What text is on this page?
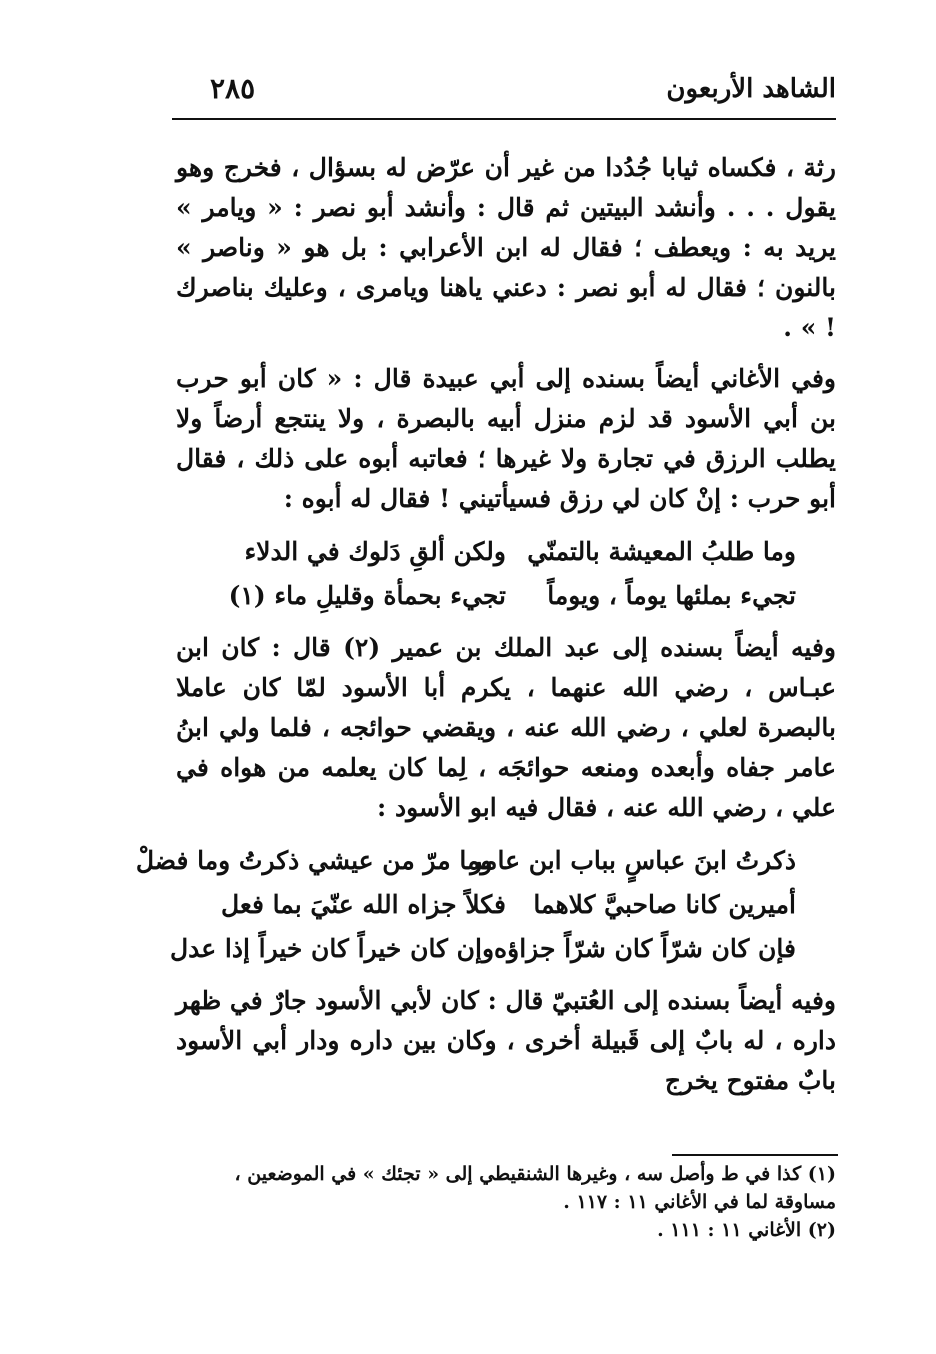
الشاهد الأربعون
٢٨٥

رثة ، فكساه ثيابا جُدُدا من غير أن عرّض له بسؤال ، فخرج وهو يقول . . . وأنشد البيتين ثم قال : وأنشد أبو نصر : « ويامر » يريد به : ويعطف ؛ فقال له ابن الأعرابي : بل هو « وناصر » بالنون ؛ فقال له أبو نصر : دعني ياهنا ويامرى ، وعليك بناصرك ! » .

وفي الأغاني أيضاً بسنده إلى أبي عبيدة قال : « كان أبو حرب بن أبي الأسود قد لزم منزل أبيه بالبصرة ، ولا ينتجع أرضاً ولا يطلب الرزق في تجارة ولا غيرها ؛ فعاتبه أبوه على ذلك ، فقال أبو حرب : إنْ كان لي رزق فسيأتيني ! فقال له أبوه :

وما طلبُ المعيشة بالتمنّي
ولكن ألقِ دَلوك في الدلاء
تجيء بملئها يوماً ، ويوماً
تجيء بحمأة وقليلِ ماء (١)

وفيه أيضاً بسنده إلى عبد الملك بن عمير (٢) قال : كان ابن عبـاس ، رضي الله عنهما ، يكرم أبا الأسود لمّا كان عاملا بالبصرة لعلي ، رضي الله عنه ، ويقضي حوائجه ، فلما ولي ابنُ عامر جفاه وأبعده ومنعه حوائجَه ، لِما كان يعلمه من هواه في علي ، رضي الله عنه ، فقال فيه ابو الأسود :

ذكرتُ ابنَ عباسٍ بباب ابن عامر
وما مرّ من عيشي ذكرتُ وما فضلْ
أميرين كانا صاحبيَّ كلاهما
فكلاً جزاه الله عنّيَ بما فعل
فإن كان شرّاً كان شرّاً جزاؤه
وإن كان خيراً كان خيراً إذا عدل

وفيه أيضاً بسنده إلى العُتبيّ قال : كان لأبي الأسود جارٌ في ظهر داره ، له بابٌ إلى قَبيلة أخرى ، وكان بين داره ودار أبي الأسود بابٌ مفتوح يخرج

(١) كذا في ط وأصل سه ، وغيرها الشنقيطي إلى « تجئك » في الموضعين ، مساوقة لما في الأغاني ١١ : ١١٧ .

(٢) الأغاني ١١ : ١١١ .
